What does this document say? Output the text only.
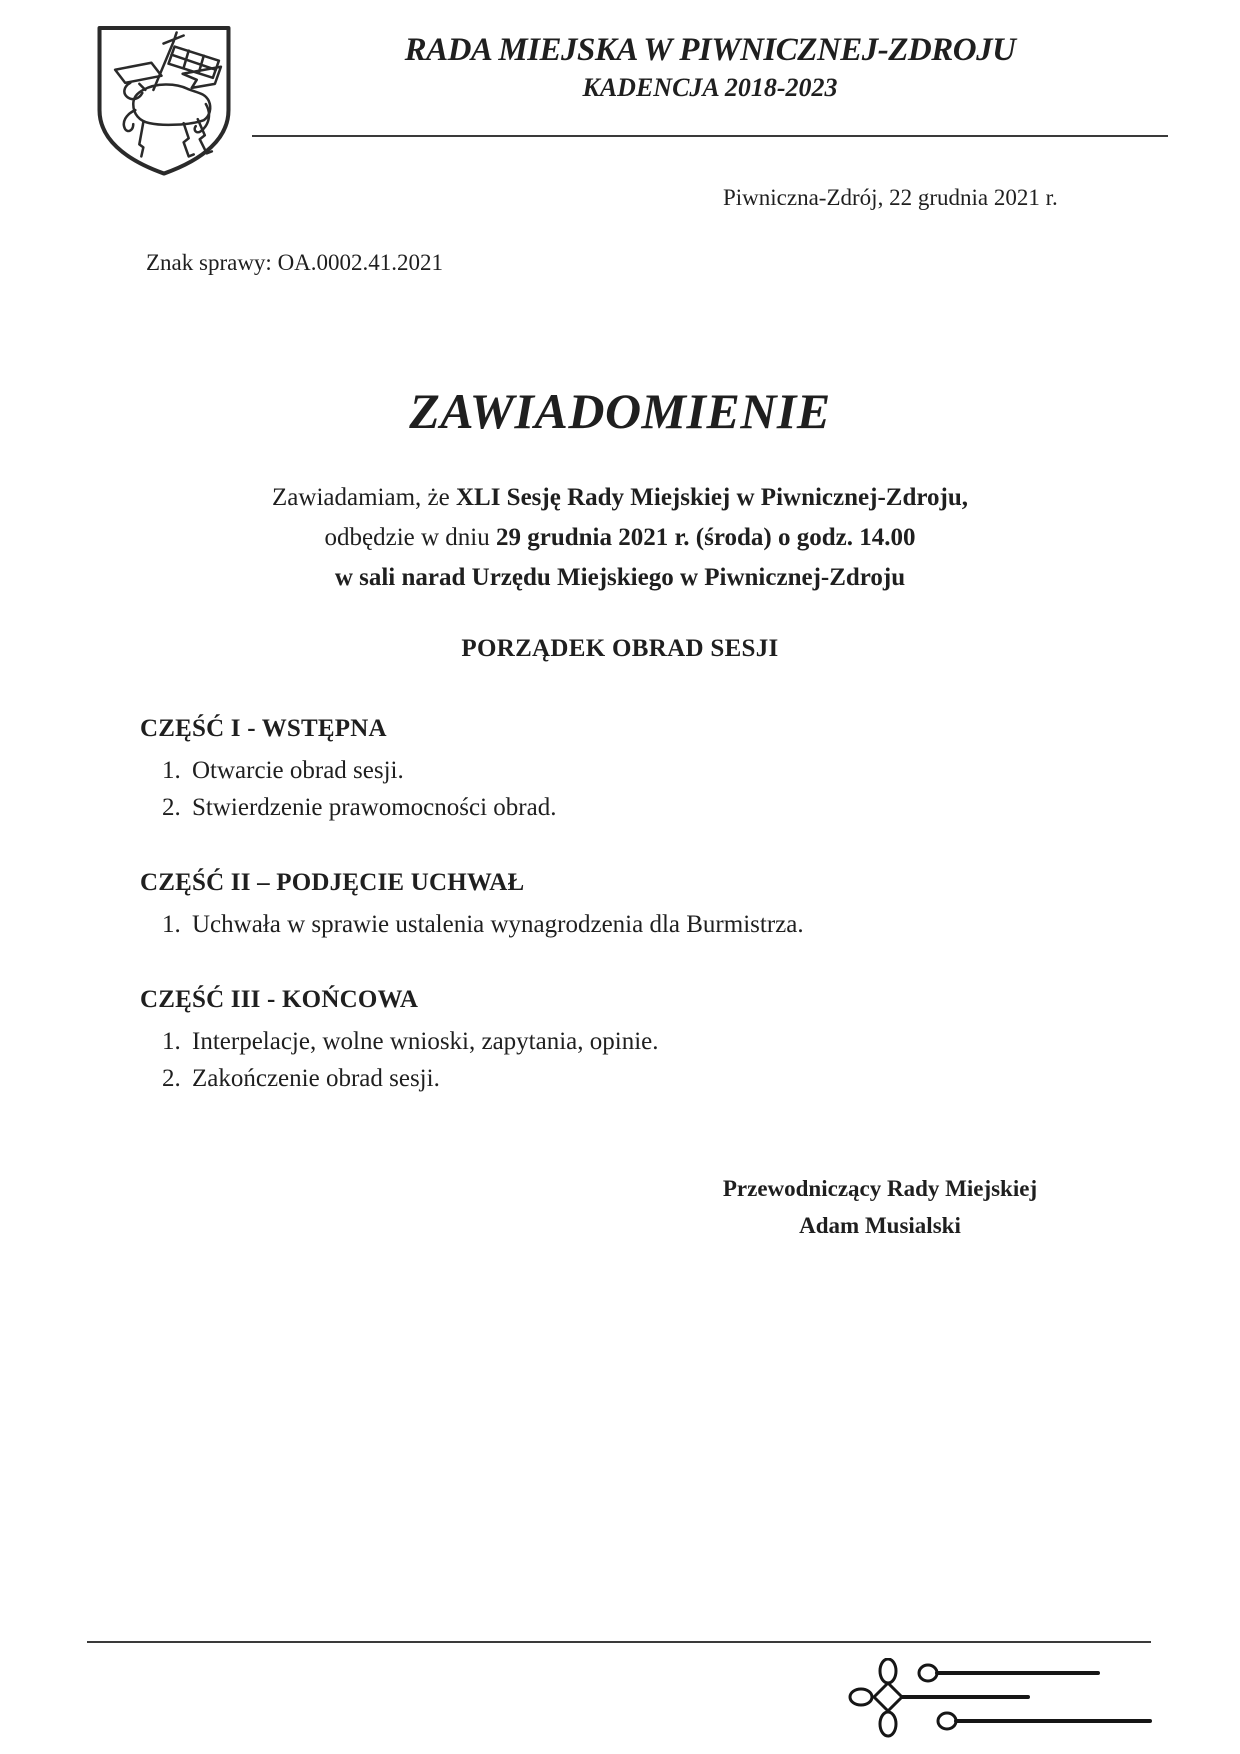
RADA MIEJSKA W PIWNICZNEJ-ZDROJU
KADENCJA 2018-2023
Piwniczna-Zdrój, 22 grudnia 2021 r.
Znak sprawy: OA.0002.41.2021
ZAWIADOMIENIE
Zawiadamiam, że XLI Sesję Rady Miejskiej w Piwnicznej-Zdroju,
odbędzie w dniu 29 grudnia 2021 r. (środa) o godz. 14.00
w sali narad Urzędu Miejskiego w Piwnicznej-Zdroju
PORZĄDEK OBRAD SESJI
CZĘŚĆ I - WSTĘPNA
1. Otwarcie obrad sesji.
2. Stwierdzenie prawomocności obrad.
CZĘŚĆ II – PODJĘCIE UCHWAŁ
1. Uchwała w sprawie ustalenia wynagrodzenia dla Burmistrza.
CZĘŚĆ III - KOŃCOWA
1. Interpelacje, wolne wnioski, zapytania, opinie.
2. Zakończenie obrad sesji.
Przewodniczący Rady Miejskiej
Adam Musialski
